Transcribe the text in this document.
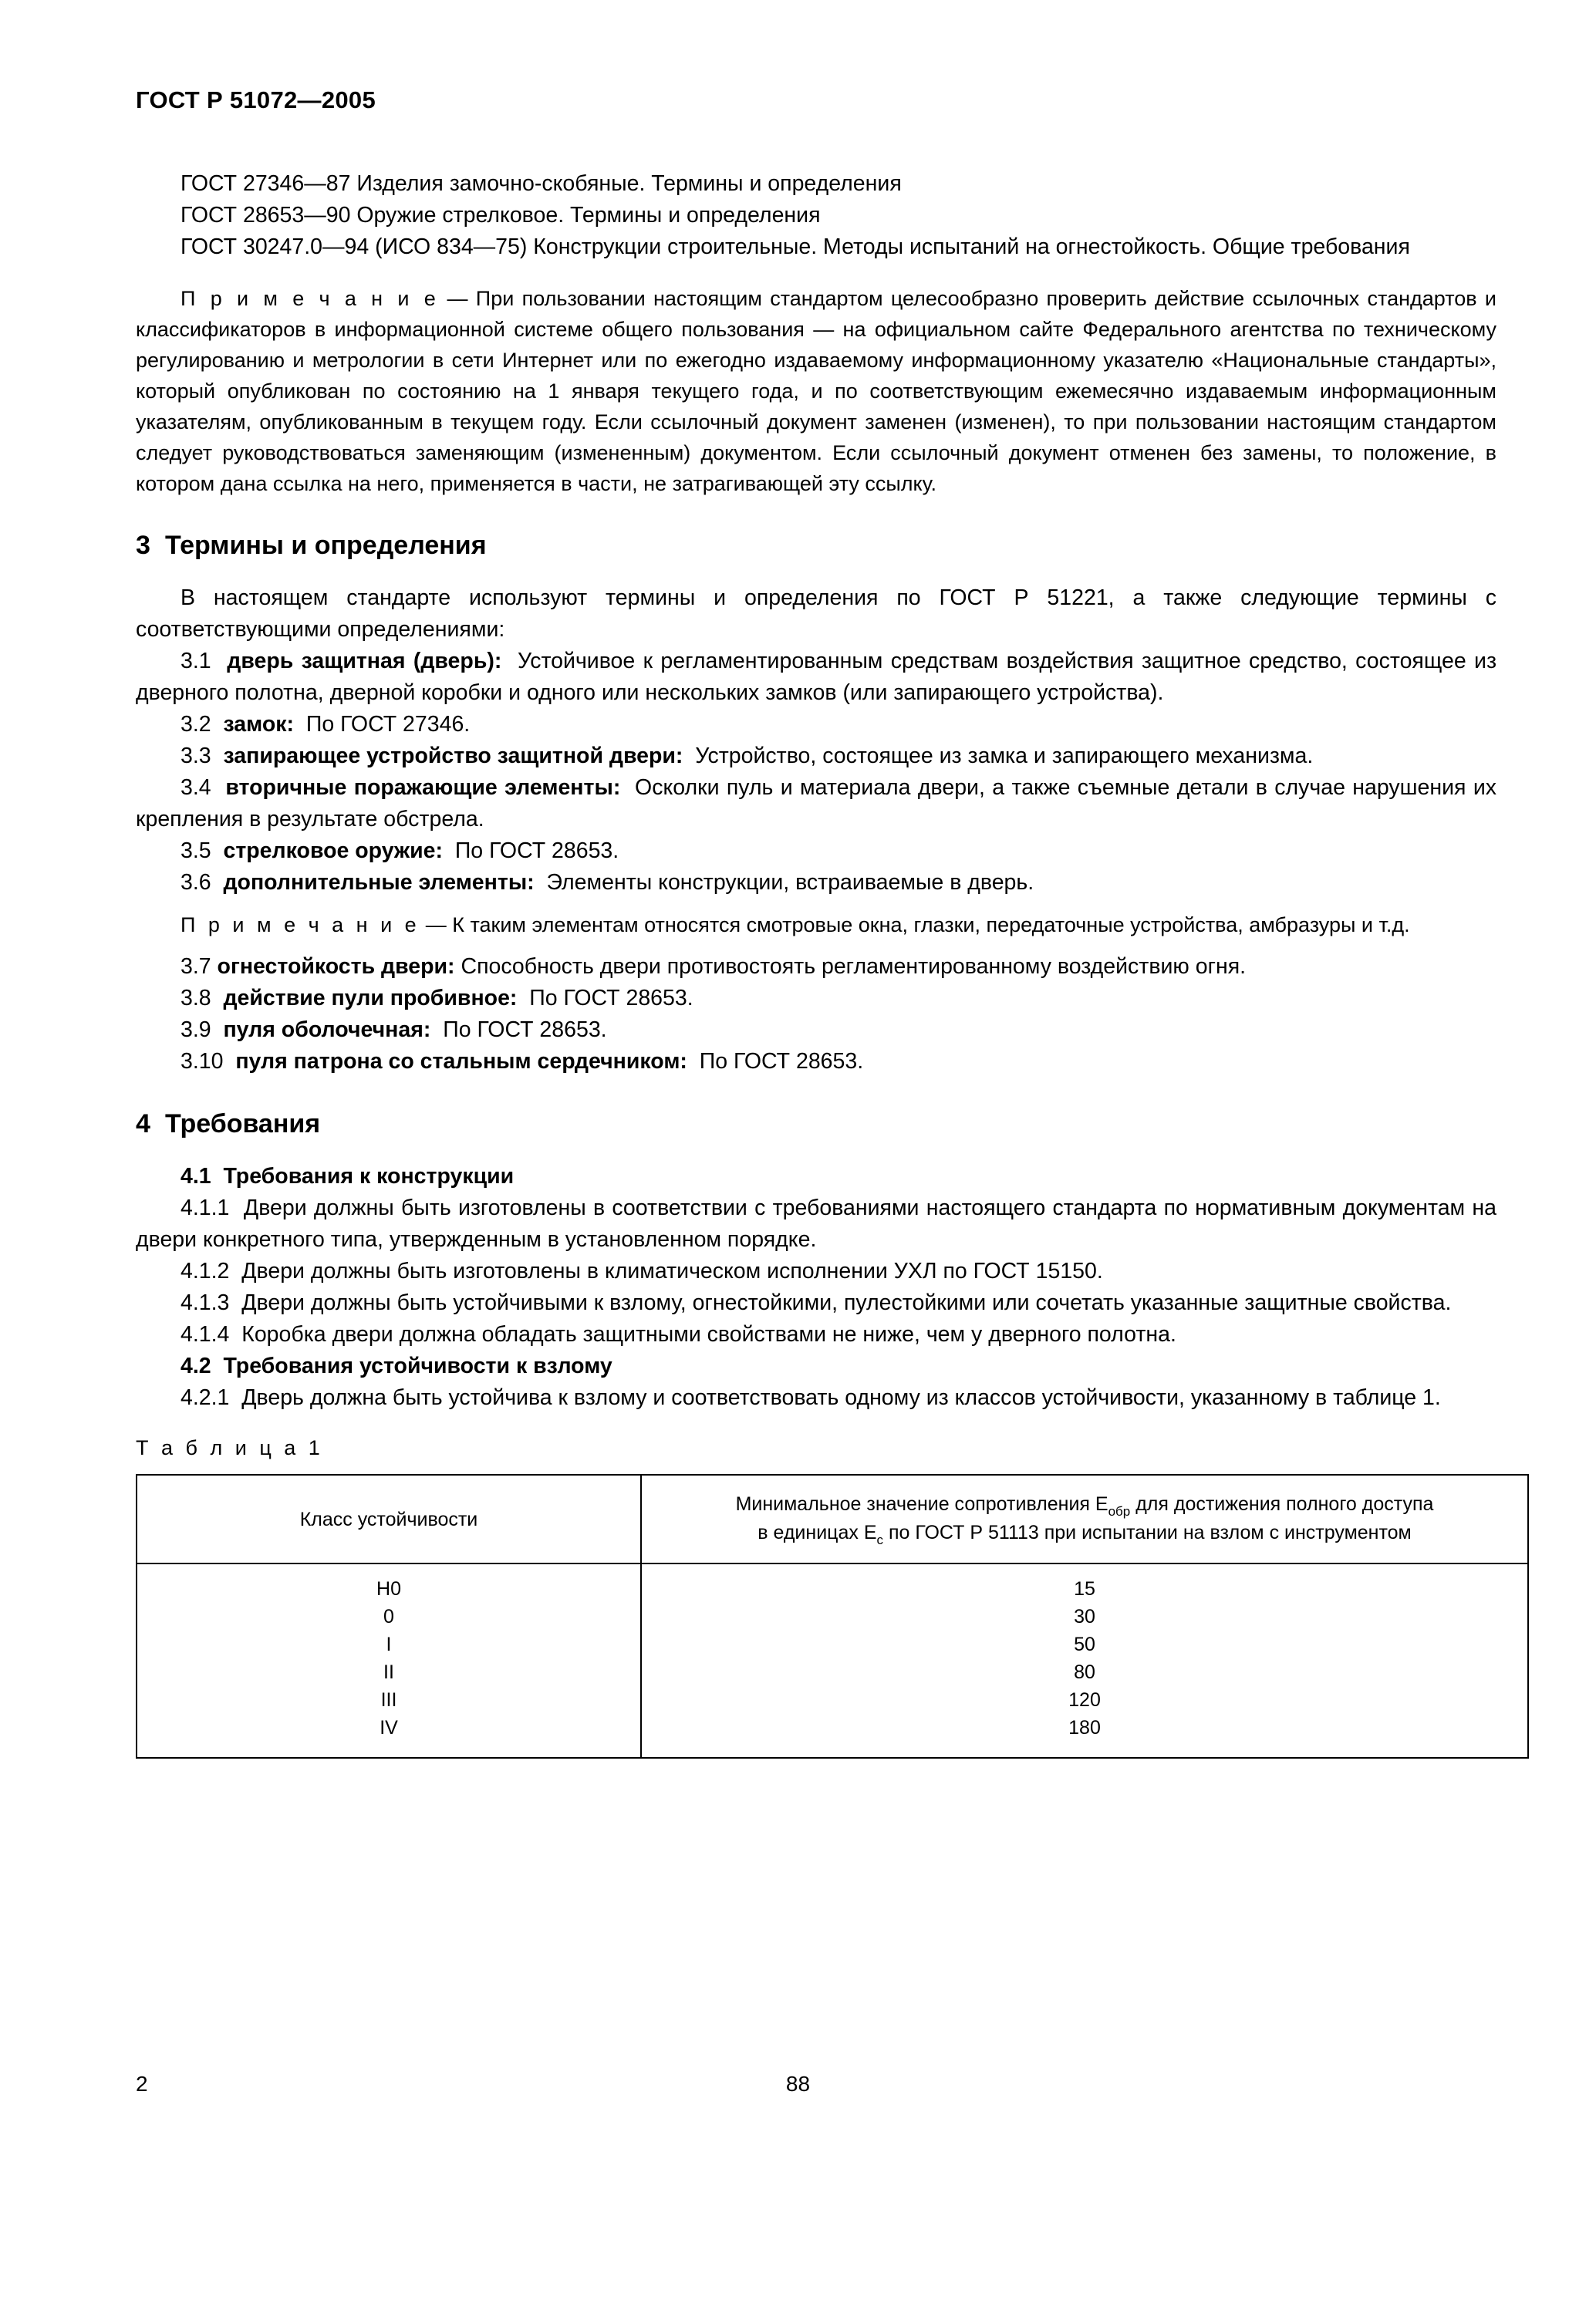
ГОСТ Р 51072—2005

ГОСТ 27346—87 Изделия замочно-скобяные. Термины и определения

ГОСТ 28653—90 Оружие стрелковое. Термины и определения

ГОСТ 30247.0—94 (ИСО 834—75) Конструкции строительные. Методы испытаний на огнестойкость. Общие требования

П р и м е ч а н и е — При пользовании настоящим стандартом целесообразно проверить действие ссылочных стандартов и классификаторов в информационной системе общего пользования — на официальном сайте Федерального агентства по техническому регулированию и метрологии в сети Интернет или по ежегодно издаваемому информационному указателю «Национальные стандарты», который опубликован по состоянию на 1 января текущего года, и по соответствующим ежемесячно издаваемым информационным указателям, опубликованным в текущем году. Если ссылочный документ заменен (изменен), то при пользовании настоящим стандартом следует руководствоваться заменяющим (измененным) документом. Если ссылочный документ отменен без замены, то положение, в котором дана ссылка на него, применяется в части, не затрагивающей эту ссылку.

3 Термины и определения

В настоящем стандарте используют термины и определения по ГОСТ Р 51221, а также следующие термины с соответствующими определениями:

3.1 дверь защитная (дверь): Устойчивое к регламентированным средствам воздействия защитное средство, состоящее из дверного полотна, дверной коробки и одного или нескольких замков (или запирающего устройства).

3.2 замок: По ГОСТ 27346.

3.3 запирающее устройство защитной двери: Устройство, состоящее из замка и запирающего механизма.

3.4 вторичные поражающие элементы: Осколки пуль и материала двери, а также съемные детали в случае нарушения их крепления в результате обстрела.

3.5 стрелковое оружие: По ГОСТ 28653.

3.6 дополнительные элементы: Элементы конструкции, встраиваемые в дверь.

П р и м е ч а н и е — К таким элементам относятся смотровые окна, глазки, передаточные устройства, амбразуры и т.д.

3.7 огнестойкость двери: Способность двери противостоять регламентированному воздействию огня.

3.8 действие пули пробивное: По ГОСТ 28653.

3.9 пуля оболочечная: По ГОСТ 28653.

3.10 пуля патрона со стальным сердечником: По ГОСТ 28653.

4 Требования

4.1 Требования к конструкции

4.1.1 Двери должны быть изготовлены в соответствии с требованиями настоящего стандарта по нормативным документам на двери конкретного типа, утвержденным в установленном порядке.

4.1.2 Двери должны быть изготовлены в климатическом исполнении УХЛ по ГОСТ 15150.

4.1.3 Двери должны быть устойчивыми к взлому, огнестойкими, пулестойкими или сочетать указанные защитные свойства.

4.1.4 Коробка двери должна обладать защитными свойствами не ниже, чем у дверного полотна.

4.2 Требования устойчивости к взлому

4.2.1 Дверь должна быть устойчива к взлому и соответствовать одному из классов устойчивости, указанному в таблице 1.

Т а б л и ц а 1
Класс устойчивости	Минимальное значение сопротивления $E_{обр}$ для достижения полного доступа
в единицах $E_с$ по ГОСТ Р 51113 при испытании на взлом с инструментом
Н0	15
0	30
I	50
II	80
III	120
IV	180
2	88
